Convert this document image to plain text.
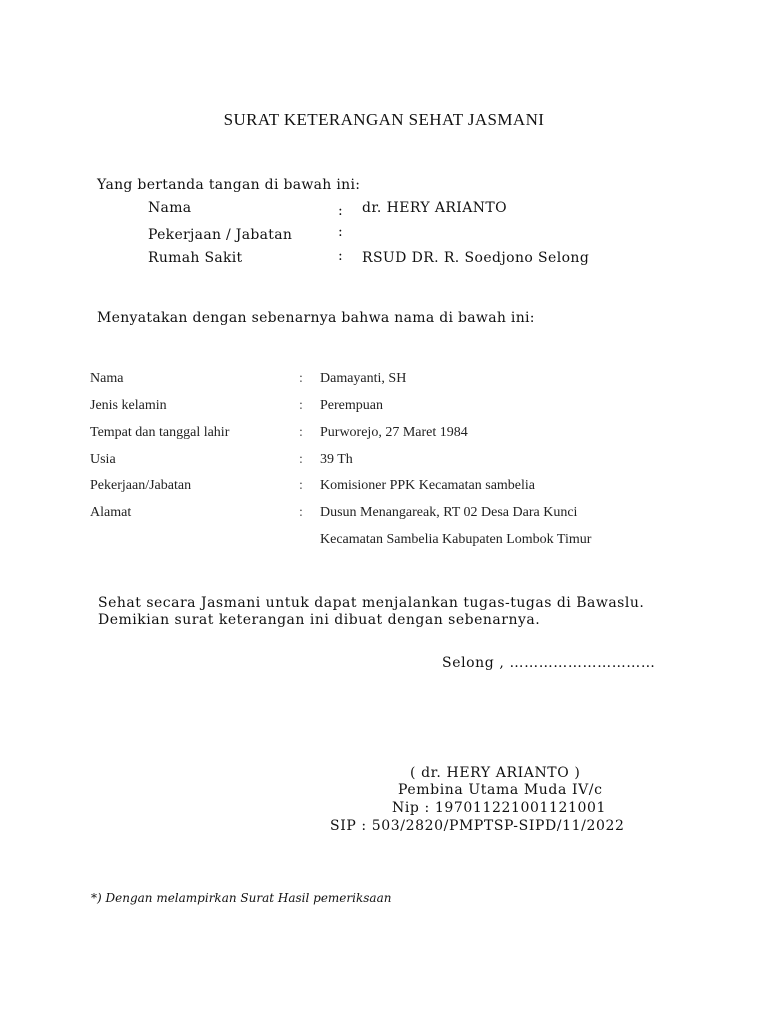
SURAT KETERANGAN SEHAT JASMANI
Yang bertanda tangan di bawah ini:
Nama	: dr. HERY ARIANTO
Pekerjaan / Jabatan	:
Rumah Sakit	: RSUD DR. R. Soedjono Selong
Menyatakan dengan sebenarnya bahwa nama di bawah ini:
Nama	: Damayanti, SH
Jenis kelamin	: Perempuan
Tempat dan tanggal lahir	: Purworejo, 27 Maret 1984
Usia	: 39 Th
Pekerjaan/Jabatan	: Komisioner PPK Kecamatan sambelia
Alamat	: Dusun Menangareak, RT 02 Desa Dara Kunci
Kecamatan Sambelia Kabupaten Lombok Timur
Sehat secara Jasmani untuk dapat menjalankan tugas-tugas di Bawaslu.
Demikian surat keterangan ini dibuat dengan sebenarnya.
Selong , …………………………
( dr. HERY ARIANTO )
Pembina Utama Muda IV/c
Nip : 197011221001121001
SIP : 503/2820/PMPTSP-SIPD/11/2022
*) Dengan melampirkan Surat Hasil pemeriksaan
